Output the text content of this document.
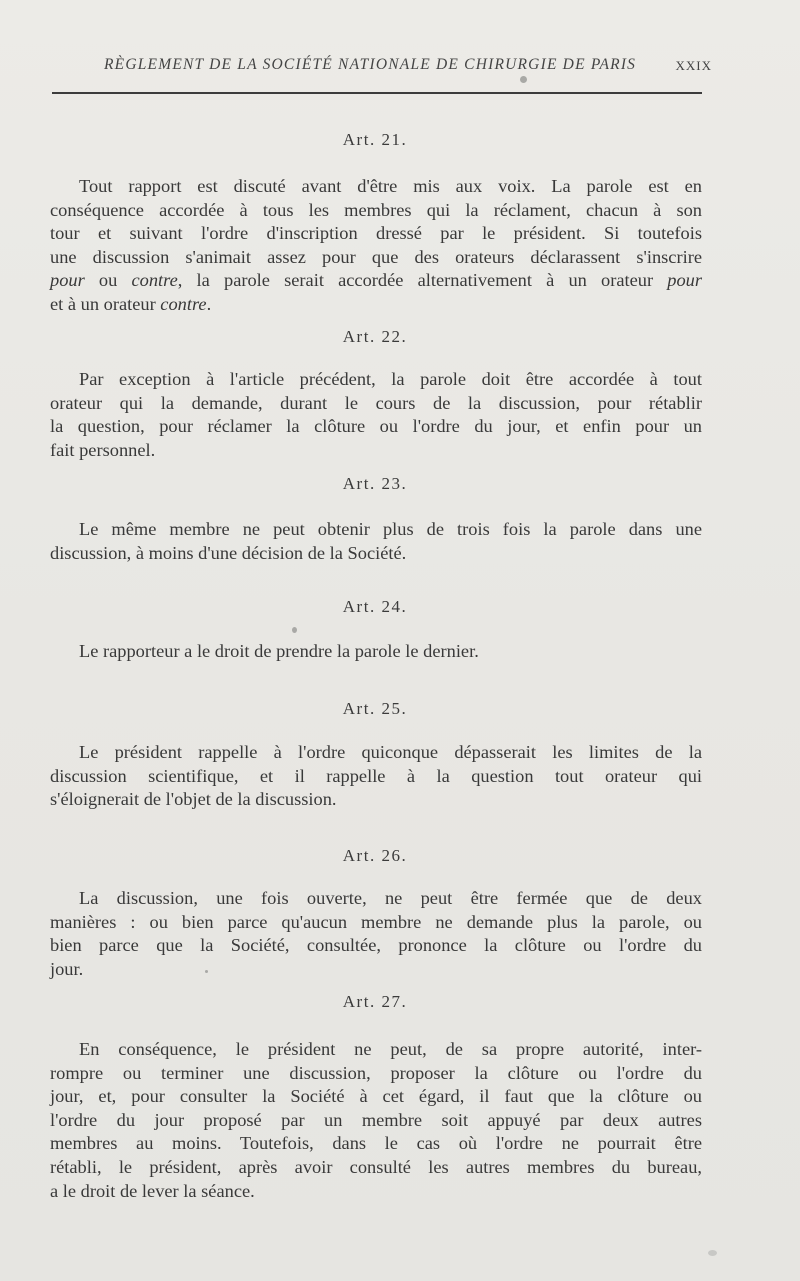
RÈGLEMENT DE LA SOCIÉTÉ NATIONALE DE CHIRURGIE DE PARIS	XXIX
Art. 21.
Tout rapport est discuté avant d'être mis aux voix. La parole est en
conséquence accordée à tous les membres qui la réclament, chacun à son
tour et suivant l'ordre d'inscription dressé par le président. Si toutefois
une discussion s'animait assez pour que des orateurs déclarassent s'inscrire
pour ou contre, la parole serait accordée alternativement à un orateur pour
et à un orateur contre.
Art. 22.
Par exception à l'article précédent, la parole doit être accordée à tout
orateur qui la demande, durant le cours de la discussion, pour rétablir
la question, pour réclamer la clôture ou l'ordre du jour, et enfin pour un
fait personnel.
Art. 23.
Le même membre ne peut obtenir plus de trois fois la parole dans une
discussion, à moins d'une décision de la Société.
Art. 24.
Le rapporteur a le droit de prendre la parole le dernier.
Art. 25.
Le président rappelle à l'ordre quiconque dépasserait les limites de la
discussion scientifique, et il rappelle à la question tout orateur qui
s'éloignerait de l'objet de la discussion.
Art. 26.
La discussion, une fois ouverte, ne peut être fermée que de deux
manières : ou bien parce qu'aucun membre ne demande plus la parole, ou
bien parce que la Société, consultée, prononce la clôture ou l'ordre du
jour.
Art. 27.
En conséquence, le président ne peut, de sa propre autorité, inter-
rompre ou terminer une discussion, proposer la clôture ou l'ordre du
jour, et, pour consulter la Société à cet égard, il faut que la clôture ou
l'ordre du jour proposé par un membre soit appuyé par deux autres
membres au moins. Toutefois, dans le cas où l'ordre ne pourrait être
rétabli, le président, après avoir consulté les autres membres du bureau,
a le droit de lever la séance.
